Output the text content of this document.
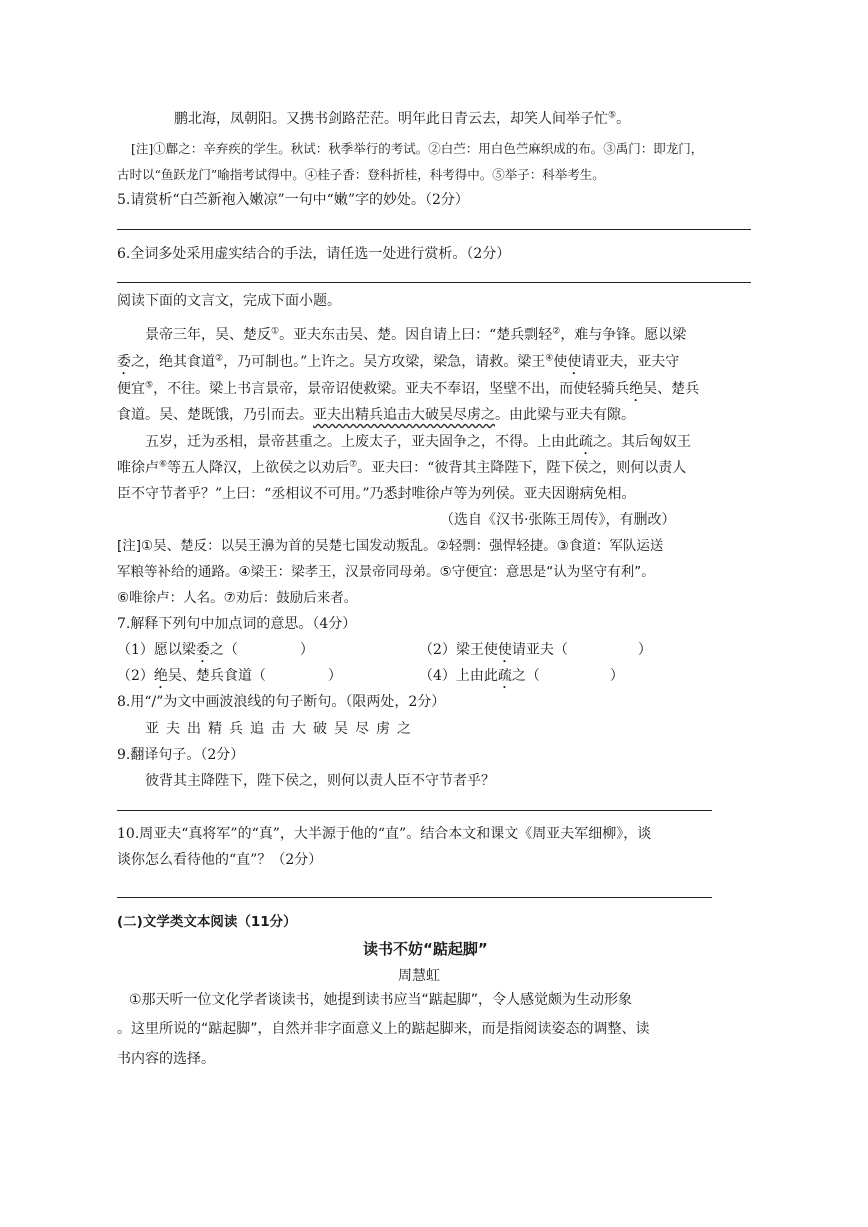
鹏北海，凤朝阳。又携书剑路茫茫。明年此日青云去，却笑人间举子忙⑤。
[注]①鄜之：辛弃疾的学生。秋试：秋季举行的考试。②白苎：用白色苎麻织成的布。③禹门：即龙门，
古时以“鱼跃龙门”喻指考试得中。④桂子香：登科折桂，科考得中。⑤举子：科举考生。
5.请赏析“白苎新袍入嫩凉”一句中“嫩”字的妙处。（2分）
6.全词多处采用虚实结合的手法，请任选一处进行赏析。（2分）
阅读下面的文言文，完成下面小题。
景帝三年，吴、楚反①。亚夫东击吴、楚。因自请上曰：“楚兵剽轻②，难与争锋。愿以梁
委之，绝其食道②，乃可制也。”上许之。吴方攻梁，梁急，请救。梁王④使使请亚夫，亚夫守
便宜⑤，不往。梁上书言景帝，景帝诏使救梁。亚夫不奉诏，坚壁不出，而使轻骑兵绝吴、楚兵
食道。吴、楚既饿，乃引而去。亚夫出精兵追击大破吴尽虏之。由此梁与亚夫有隙。
五岁，迁为丞相，景帝甚重之。上废太子，亚夫固争之，不得。上由此疏之。其后匈奴王
唯徐卢⑥等五人降汉，上欲侯之以劝后⑦。亚夫曰：“彼背其主降陛下，陛下侯之，则何以责人
臣不守节者乎？”上曰：“丞相议不可用。”乃悉封唯徐卢等为列侯。亚夫因谢病免相。
（选自《汉书·张陈王周传》，有删改）
[注]①吴、楚反：以吴王濞为首的吴楚七国发动叛乱。②轻剽：强悍轻捷。③食道：军队运送
军粮等补给的通路。④梁王：梁孝王，汉景帝同母弟。⑤守便宜：意思是“认为坚守有利”。
⑥唯徐卢：人名。⑦劝后：鼓励后来者。
7.解释下列句中加点词的意思。（4分）
（1）愿以梁委之（	）	（2）梁王使使请亚夫（	）
（2）绝吴、楚兵食道（	）	（4）上由此疏之（	）
8.用“/”为文中画波浪线的句子断句。（限两处，2分）
亚夫出精兵追击大破吴尽虏之
9.翻译句子。（2分）
彼背其主降陛下，陛下侯之，则何以责人臣不守节者乎？
10.周亚夫“真将军”的“真”，大半源于他的“直”。结合本文和课文《周亚夫军细柳》，谈
谈你怎么看待他的“直”？（2分）
(二)文学类文本阅读（11分）
读书不妨“踮起脚”
周慧虹
①那天听一位文化学者谈读书，她提到读书应当“踮起脚”，令人感觉颇为生动形象
。这里所说的“踮起脚”，自然并非字面意义上的踮起脚来，而是指阅读姿态的调整、读
书内容的选择。
